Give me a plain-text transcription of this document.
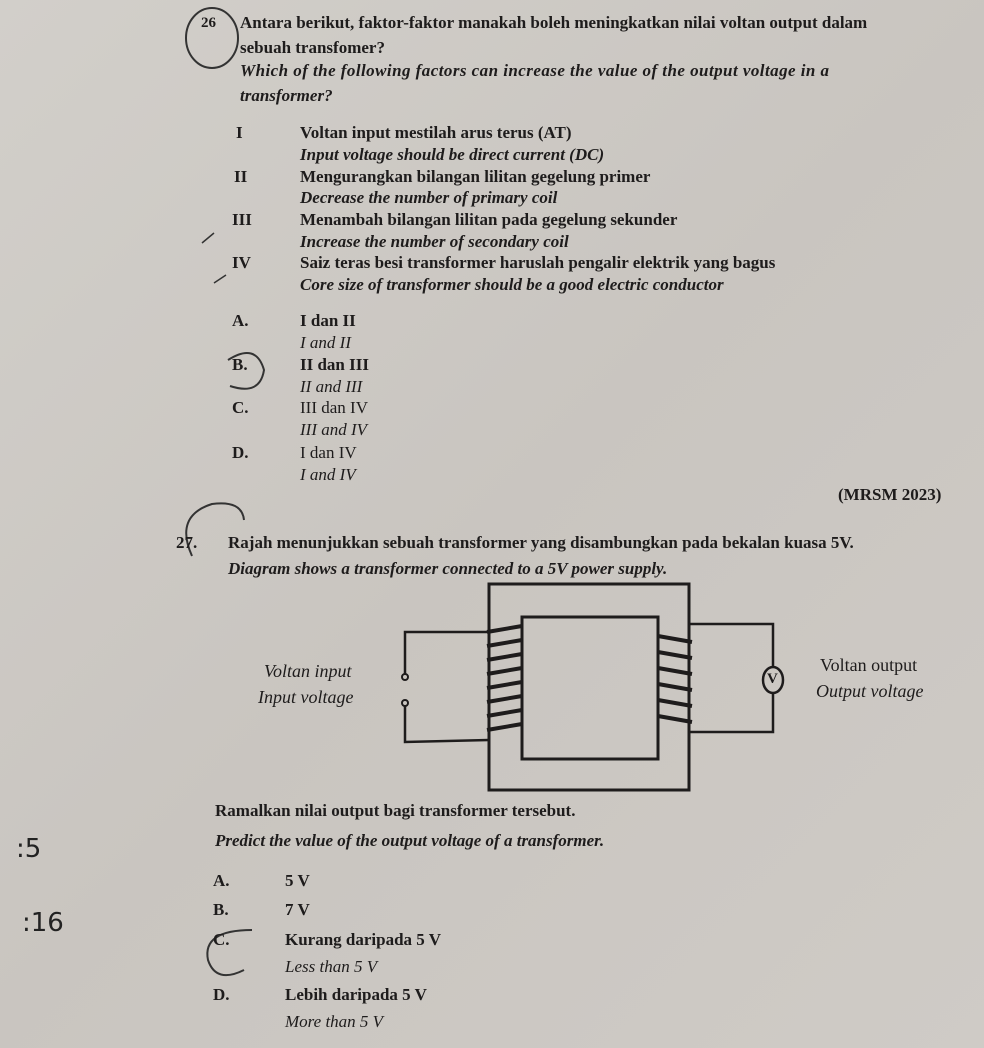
V
26 Antara berikut, faktor-faktor manakah boleh meningkatkan nilai voltan output dalam
sebuah transfomer?
Which of the following factors can increase the value of the output voltage in a
transformer?
I	Voltan input mestilah arus terus (AT)
Input voltage should be direct current (DC)
II	Mengurangkan bilangan lilitan gegelung primer
Decrease the number of primary coil
III	Menambah bilangan lilitan pada gegelung sekunder
Increase the number of secondary coil
IV	Saiz teras besi transformer haruslah pengalir elektrik yang bagus
Core size of transformer should be a good electric conductor
A.	I dan II
I and II
B.	II dan III
II and III
C.	III dan IV
III and IV
D.	I dan IV
I and IV
(MRSM 2023)
27. Rajah menunjukkan sebuah transformer yang disambungkan pada bekalan kuasa 5V.
Diagram shows a transformer connected to a 5V power supply.
Voltan input
Input voltage
Voltan output
Output voltage
Ramalkan nilai output bagi transformer tersebut.
Predict the value of the output voltage of a transformer.
A.	5 V
B.	7 V
C.	Kurang daripada 5 V
Less than 5 V
D.	Lebih daripada 5 V
More than 5 V
:5
:16
